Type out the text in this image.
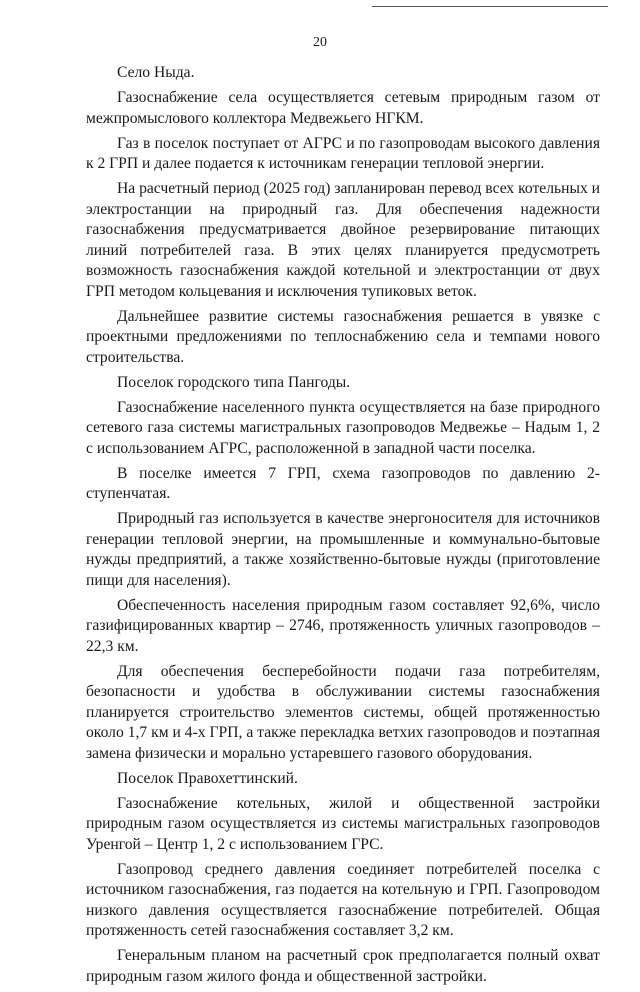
20

Село Ныда.

Газоснабжение села осуществляется сетевым природным газом от межпромыслового коллектора Медвежьего НГКМ.

Газ в поселок поступает от АГРС и по газопроводам высокого давления к 2 ГРП и далее подается к источникам генерации тепловой энергии.

На расчетный период (2025 год) запланирован перевод всех котельных и электростанции на природный газ. Для обеспечения надежности газоснабжения предусматривается двойное резервирование питающих линий потребителей газа. В этих целях планируется предусмотреть возможность газоснабжения каждой котельной и электростанции от двух ГРП методом кольцевания и исключения тупиковых веток.

Дальнейшее развитие системы газоснабжения решается в увязке с проектными предложениями по теплоснабжению села и темпами нового строительства.

Поселок городского типа Пангоды.

Газоснабжение населенного пункта осуществляется на базе природного сетевого газа системы магистральных газопроводов Медвежье – Надым 1, 2 с использованием АГРС, расположенной в западной части поселка.

В поселке имеется 7 ГРП, схема газопроводов по давлению 2-ступенчатая.

Природный газ используется в качестве энергоносителя для источников генерации тепловой энергии, на промышленные и коммунально-бытовые нужды предприятий, а также хозяйственно-бытовые нужды (приготовление пищи для населения).

Обеспеченность населения природным газом составляет 92,6%, число газифицированных квартир – 2746, протяженность уличных газопроводов – 22,3 км.

Для обеспечения бесперебойности подачи газа потребителям, безопасности и удобства в обслуживании системы газоснабжения планируется строительство элементов системы, общей протяженностью около 1,7 км и 4-х ГРП, а также перекладка ветхих газопроводов и поэтапная замена физически и морально устаревшего газового оборудования.

Поселок Правохеттинский.

Газоснабжение котельных, жилой и общественной застройки природным газом осуществляется из системы магистральных газопроводов Уренгой – Центр 1, 2 с использованием ГРС.

Газопровод среднего давления соединяет потребителей поселка с источником газоснабжения, газ подается на котельную и ГРП. Газопроводом низкого давления осуществляется газоснабжение потребителей. Общая протяженность сетей газоснабжения составляет 3,2 км.

Генеральным планом на расчетный срок предполагается полный охват природным газом жилого фонда и общественной застройки.
